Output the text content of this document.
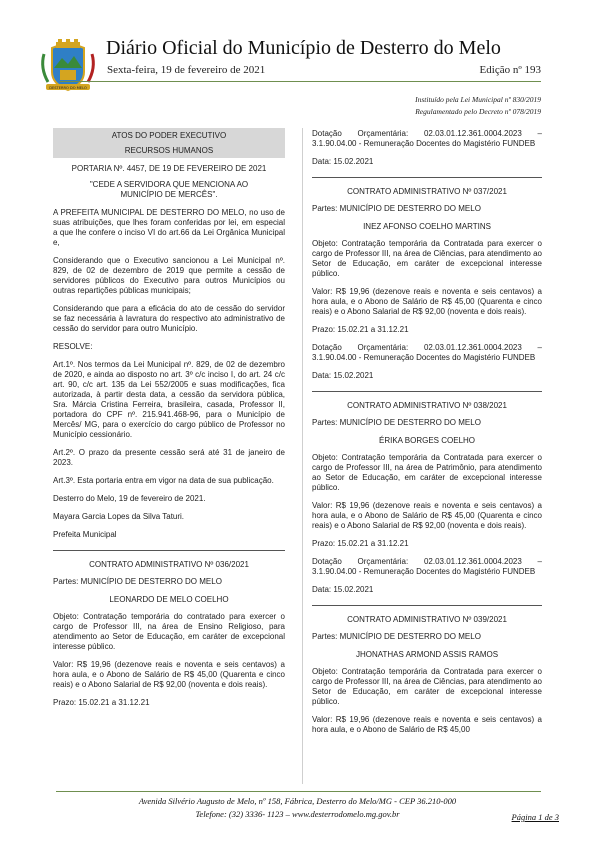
DESTERRO DO MELO
Diário Oficial do Município de Desterro do Melo
Sexta-feira, 19 de fevereiro de 2021	Edição nº 193
Instituído pela Lei Municipal nº 830/2019
Regulamentado pelo Decreto nº 078/2019
ATOS DO PODER EXECUTIVO
RECURSOS HUMANOS
PORTARIA Nº. 4457, DE 19 DE FEVEREIRO DE 2021
"CEDE A SERVIDORA QUE MENCIONA AO MUNICÍPIO DE MERCÊS".

A PREFEITA MUNICIPAL DE DESTERRO DO MELO, no uso de suas atribuições, que lhes foram conferidas por lei, em especial a que lhe confere o inciso VI do art.66 da Lei Orgânica Municipal e,

Considerando que o Executivo sancionou a Lei Municipal nº. 829, de 02 de dezembro de 2019 que permite a cessão de servidores públicos do Executivo para outros Municípios ou outras repartições públicas municipais;

Considerando que para a eficácia do ato de cessão do servidor se faz necessária à lavratura do respectivo ato administrativo de cessão do servidor para outro Município.

RESOLVE:

Art.1º. Nos termos da Lei Municipal nº. 829, de 02 de dezembro de 2020, e ainda ao disposto no art. 3º c/c inciso I, do art. 24 c/c art. 90, c/c art. 135 da Lei 552/2005 e suas modificações, fica autorizada, à partir desta data, a cessão da servidora pública, Sra. Márcia Cristina Ferreira, brasileira, casada, Professor II, portadora do CPF nº. 215.941.468-96, para o Município de Mercês/ MG, para o exercício do cargo público de Professor no Município cessionário.

Art.2º. O prazo da presente cessão será até 31 de janeiro de 2023.

Art.3º. Esta portaria entra em vigor na data de sua publicação.

Desterro do Melo, 19 de fevereiro de 2021.

Mayara Garcia Lopes da Silva Taturi.

Prefeita Municipal

CONTRATO ADMINISTRATIVO Nº 036/2021

Partes: MUNICÍPIO DE DESTERRO DO MELO

LEONARDO DE MELO COELHO

Objeto: Contratação temporária do contratado para exercer o cargo de Professor III, na área de Ensino Religioso, para atendimento ao Setor de Educação, em caráter de excepcional interesse público.

Valor: R$ 19,96 (dezenove reais e noventa e seis centavos) a hora aula, e o Abono de Salário de R$ 45,00 (Quarenta e cinco reais) e o Abono Salarial de R$ 92,00 (noventa e dois reais).

Prazo: 15.02.21 a 31.12.21

Dotação Orçamentária: 02.03.01.12.361.0004.2023 – 3.1.90.04.00 - Remuneração Docentes do Magistério FUNDEB

Data: 15.02.2021

CONTRATO ADMINISTRATIVO Nº 037/2021

Partes: MUNICÍPIO DE DESTERRO DO MELO

INEZ AFONSO COELHO MARTINS

Objeto: Contratação temporária da Contratada para exercer o cargo de Professor III, na área de Ciências, para atendimento ao Setor de Educação, em caráter de excepcional interesse público.

Valor: R$ 19,96 (dezenove reais e noventa e seis centavos) a hora aula, e o Abono de Salário de R$ 45,00 (Quarenta e cinco reais) e o Abono Salarial de R$ 92,00 (noventa e dois reais).

Prazo: 15.02.21 a 31.12.21

Dotação Orçamentária: 02.03.01.12.361.0004.2023 – 3.1.90.04.00 - Remuneração Docentes do Magistério FUNDEB

Data: 15.02.2021

CONTRATO ADMINISTRATIVO Nº 038/2021

Partes: MUNICÍPIO DE DESTERRO DO MELO

ÉRIKA BORGES COELHO

Objeto: Contratação temporária da Contratada para exercer o cargo de Professor III, na área de Patrimônio, para atendimento ao Setor de Educação, em caráter de excepcional interesse público.

Valor: R$ 19,96 (dezenove reais e noventa e seis centavos) a hora aula, e o Abono de Salário de R$ 45,00 (Quarenta e cinco reais) e o Abono Salarial de R$ 92,00 (noventa e dois reais).

Prazo: 15.02.21 a 31.12.21

Dotação Orçamentária: 02.03.01.12.361.0004.2023 – 3.1.90.04.00 - Remuneração Docentes do Magistério FUNDEB

Data: 15.02.2021

CONTRATO ADMINISTRATIVO Nº 039/2021

Partes: MUNICÍPIO DE DESTERRO DO MELO

JHONATHAS ARMOND ASSIS RAMOS

Objeto: Contratação temporária da Contratada para exercer o cargo de Professor III, na área de Ciências, para atendimento ao Setor de Educação, em caráter de excepcional interesse público.

Valor: R$ 19,96 (dezenove reais e noventa e seis centavos) a hora aula, e o Abono de Salário de R$ 45,00

Avenida Silvério Augusto de Melo, nº 158, Fábrica, Desterro do Melo/MG - CEP 36.210-000
Telefone: (32) 3336- 1123 – www.desterrodomelo.mg.gov.br	Página 1 de 3
